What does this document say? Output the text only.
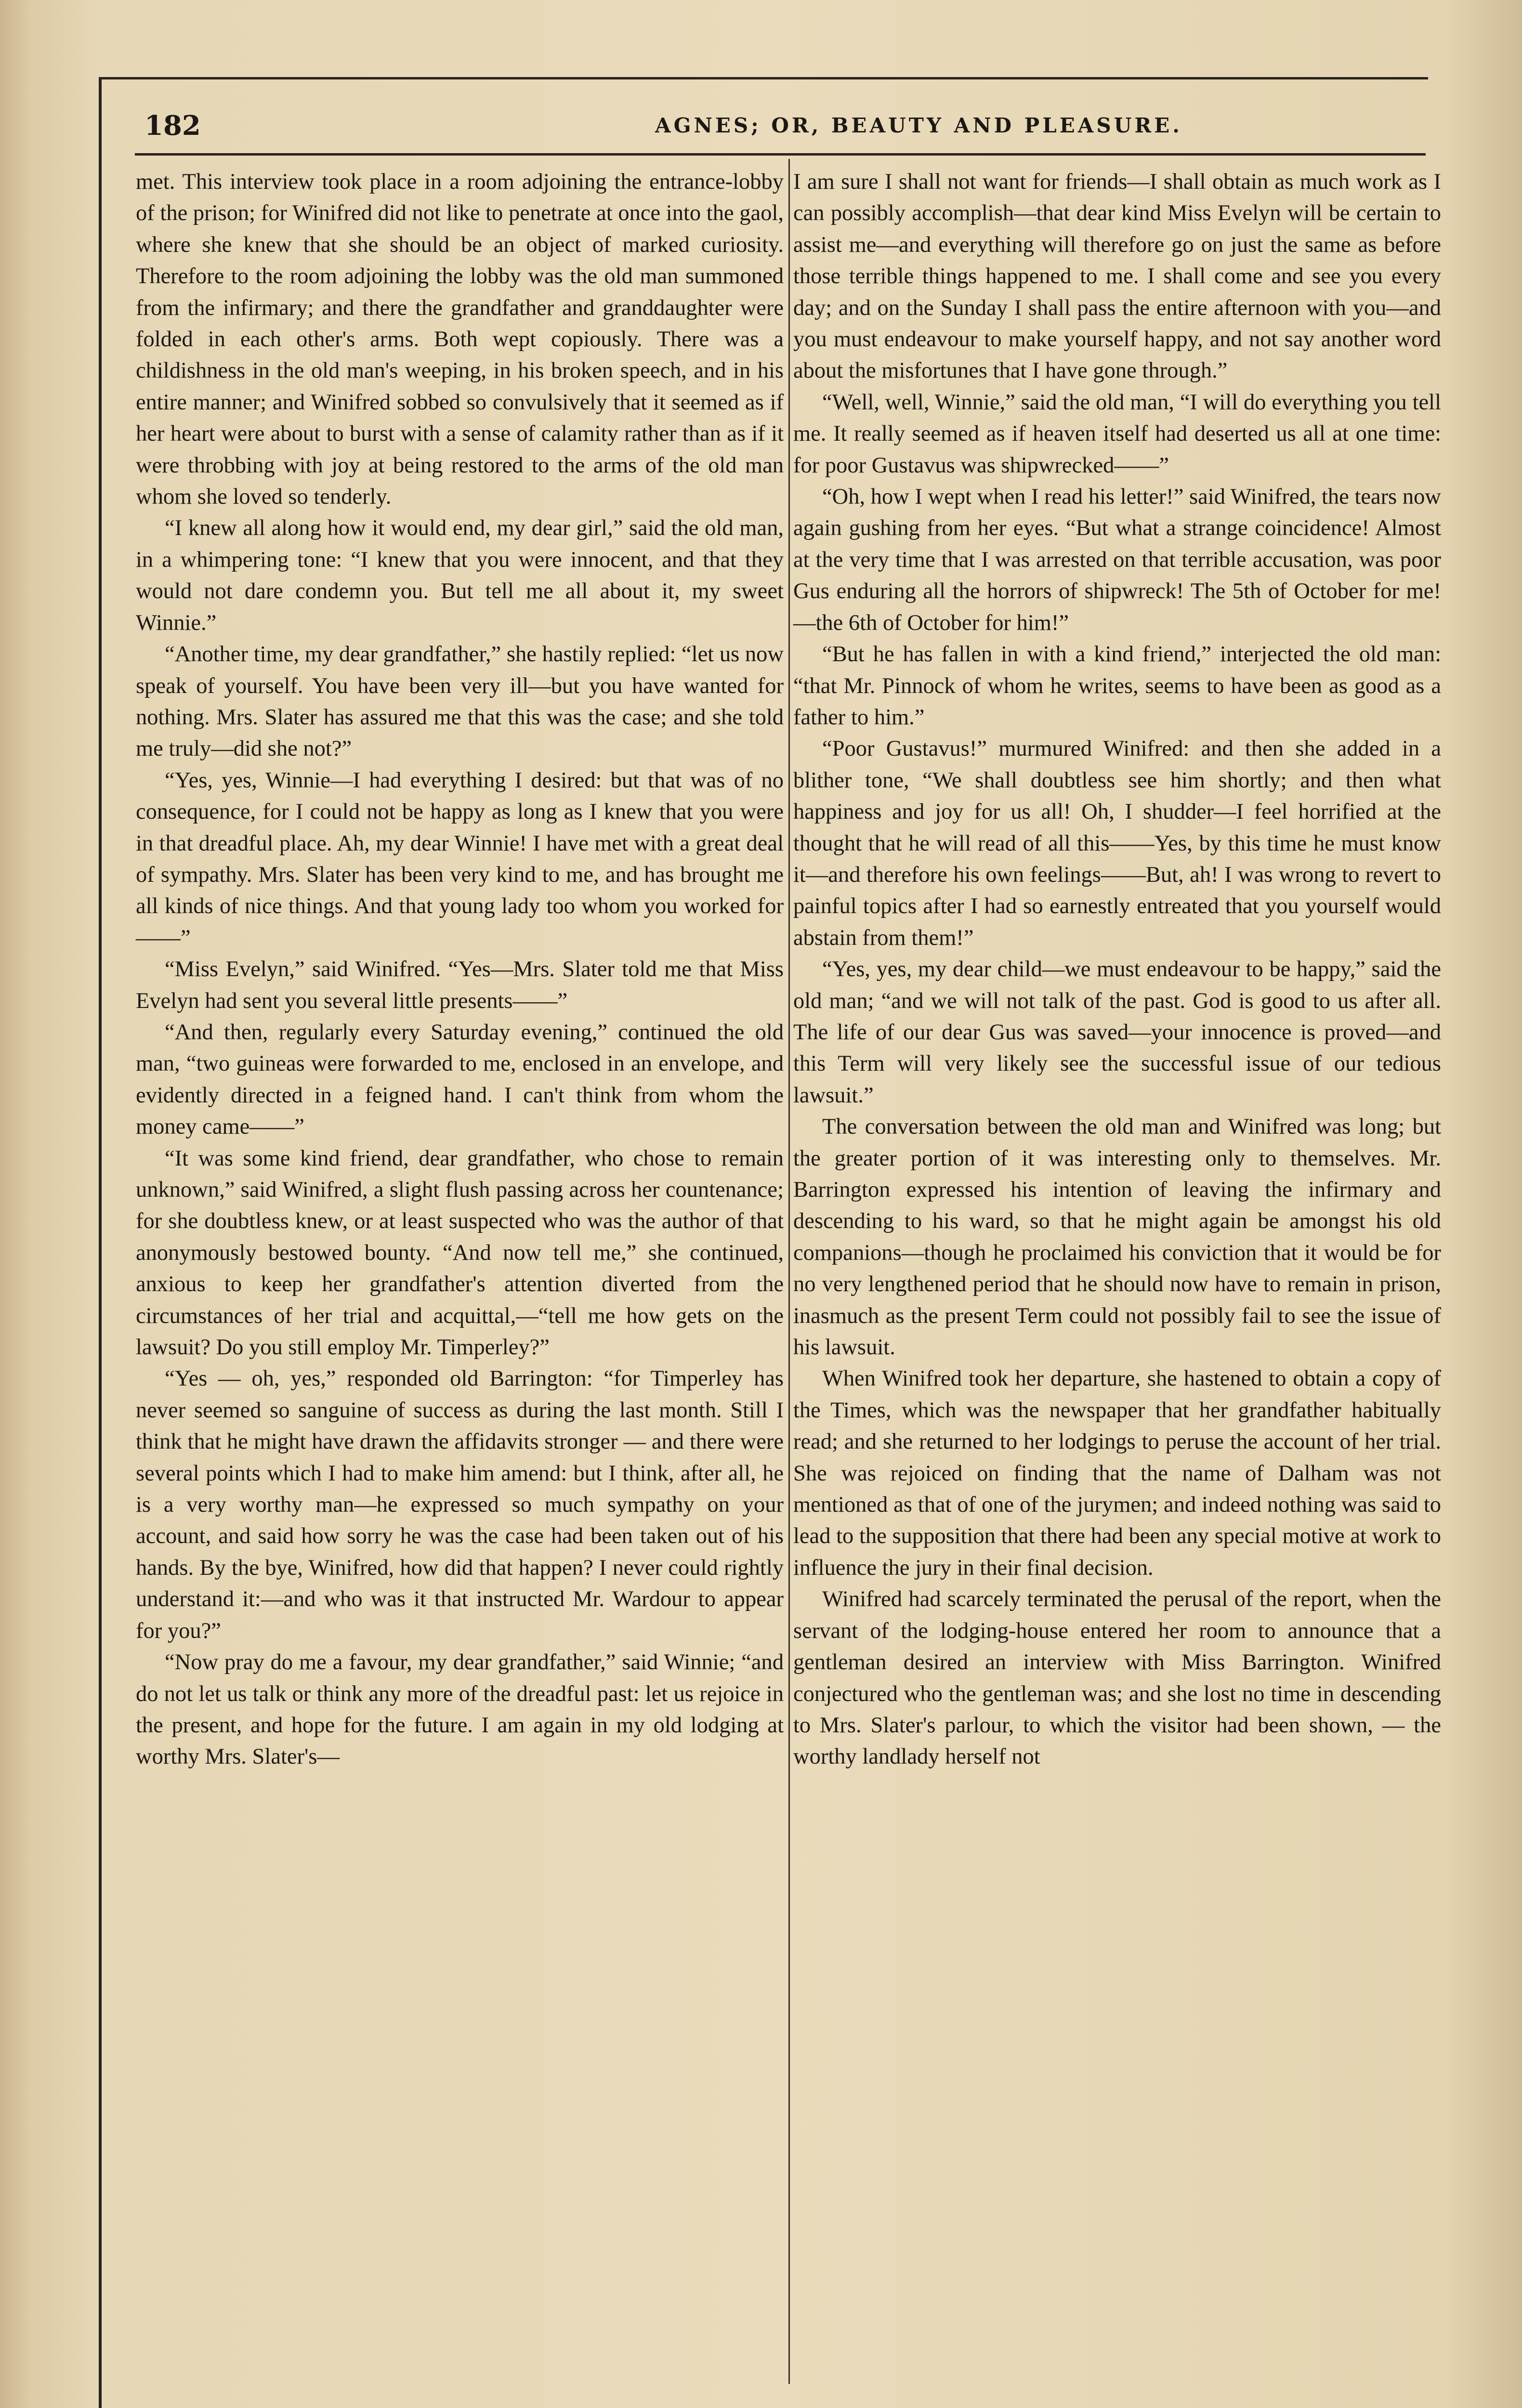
182	AGNES; OR, BEAUTY AND PLEASURE.

met. This interview took place in a room adjoining the entrance-lobby of the prison; for Winifred did not like to penetrate at once into the gaol, where she knew that she should be an object of marked curiosity. Therefore to the room adjoining the lobby was the old man summoned from the infirmary; and there the grandfather and granddaughter were folded in each other's arms. Both wept copiously. There was a childishness in the old man's weeping, in his broken speech, and in his entire manner; and Winifred sobbed so convulsively that it seemed as if her heart were about to burst with a sense of calamity rather than as if it were throbbing with joy at being restored to the arms of the old man whom she loved so tenderly.

“I knew all along how it would end, my dear girl,” said the old man, in a whimpering tone: “I knew that you were innocent, and that they would not dare condemn you. But tell me all about it, my sweet Winnie.”

“Another time, my dear grandfather,” she hastily replied: “let us now speak of yourself. You have been very ill—but you have wanted for nothing. Mrs. Slater has assured me that this was the case; and she told me truly—did she not?”

“Yes, yes, Winnie—I had everything I desired: but that was of no consequence, for I could not be happy as long as I knew that you were in that dreadful place. Ah, my dear Winnie! I have met with a great deal of sympathy. Mrs. Slater has been very kind to me, and has brought me all kinds of nice things. And that young lady too whom you worked for——”

“Miss Evelyn,” said Winifred. “Yes—Mrs. Slater told me that Miss Evelyn had sent you several little presents——”

“And then, regularly every Saturday evening,” continued the old man, “two guineas were forwarded to me, enclosed in an envelope, and evidently directed in a feigned hand. I can't think from whom the money came——”

“It was some kind friend, dear grandfather, who chose to remain unknown,” said Winifred, a slight flush passing across her countenance; for she doubtless knew, or at least suspected who was the author of that anonymously bestowed bounty. “And now tell me,” she continued, anxious to keep her grandfather's attention diverted from the circumstances of her trial and acquittal,—“tell me how gets on the lawsuit? Do you still employ Mr. Timperley?”

“Yes — oh, yes,” responded old Barrington: “for Timperley has never seemed so sanguine of success as during the last month. Still I think that he might have drawn the affidavits stronger — and there were several points which I had to make him amend: but I think, after all, he is a very worthy man—he expressed so much sympathy on your account, and said how sorry he was the case had been taken out of his hands. By the bye, Winifred, how did that happen? I never could rightly understand it:—and who was it that instructed Mr. Wardour to appear for you?”

“Now pray do me a favour, my dear grandfather,” said Winnie; “and do not let us talk or think any more of the dreadful past: let us rejoice in the present, and hope for the future. I am again in my old lodging at worthy Mrs. Slater's—

I am sure I shall not want for friends—I shall obtain as much work as I can possibly accomplish—that dear kind Miss Evelyn will be certain to assist me—and everything will therefore go on just the same as before those terrible things happened to me. I shall come and see you every day; and on the Sunday I shall pass the entire afternoon with you—and you must endeavour to make yourself happy, and not say another word about the misfortunes that I have gone through.”

“Well, well, Winnie,” said the old man, “I will do everything you tell me. It really seemed as if heaven itself had deserted us all at one time: for poor Gustavus was shipwrecked——”

“Oh, how I wept when I read his letter!” said Winifred, the tears now again gushing from her eyes. “But what a strange coincidence! Almost at the very time that I was arrested on that terrible accusation, was poor Gus enduring all the horrors of shipwreck! The 5th of October for me! —the 6th of October for him!”

“But he has fallen in with a kind friend,” interjected the old man: “that Mr. Pinnock of whom he writes, seems to have been as good as a father to him.”

“Poor Gustavus!” murmured Winifred: and then she added in a blither tone, “We shall doubtless see him shortly; and then what happiness and joy for us all! Oh, I shudder—I feel horrified at the thought that he will read of all this——Yes, by this time he must know it—and therefore his own feelings——But, ah! I was wrong to revert to painful topics after I had so earnestly entreated that you yourself would abstain from them!”

“Yes, yes, my dear child—we must endeavour to be happy,” said the old man; “and we will not talk of the past. God is good to us after all. The life of our dear Gus was saved—your innocence is proved—and this Term will very likely see the successful issue of our tedious lawsuit.”

The conversation between the old man and Winifred was long; but the greater portion of it was interesting only to themselves. Mr. Barrington expressed his intention of leaving the infirmary and descending to his ward, so that he might again be amongst his old companions—though he proclaimed his conviction that it would be for no very lengthened period that he should now have to remain in prison, inasmuch as the present Term could not possibly fail to see the issue of his lawsuit.

When Winifred took her departure, she hastened to obtain a copy of the Times, which was the newspaper that her grandfather habitually read; and she returned to her lodgings to peruse the account of her trial. She was rejoiced on finding that the name of Dalham was not mentioned as that of one of the jurymen; and indeed nothing was said to lead to the supposition that there had been any special motive at work to influence the jury in their final decision.

Winifred had scarcely terminated the perusal of the report, when the servant of the lodging-house entered her room to announce that a gentleman desired an interview with Miss Barrington. Winifred conjectured who the gentleman was; and she lost no time in descending to Mrs. Slater's parlour, to which the visitor had been shown, — the worthy landlady herself not
